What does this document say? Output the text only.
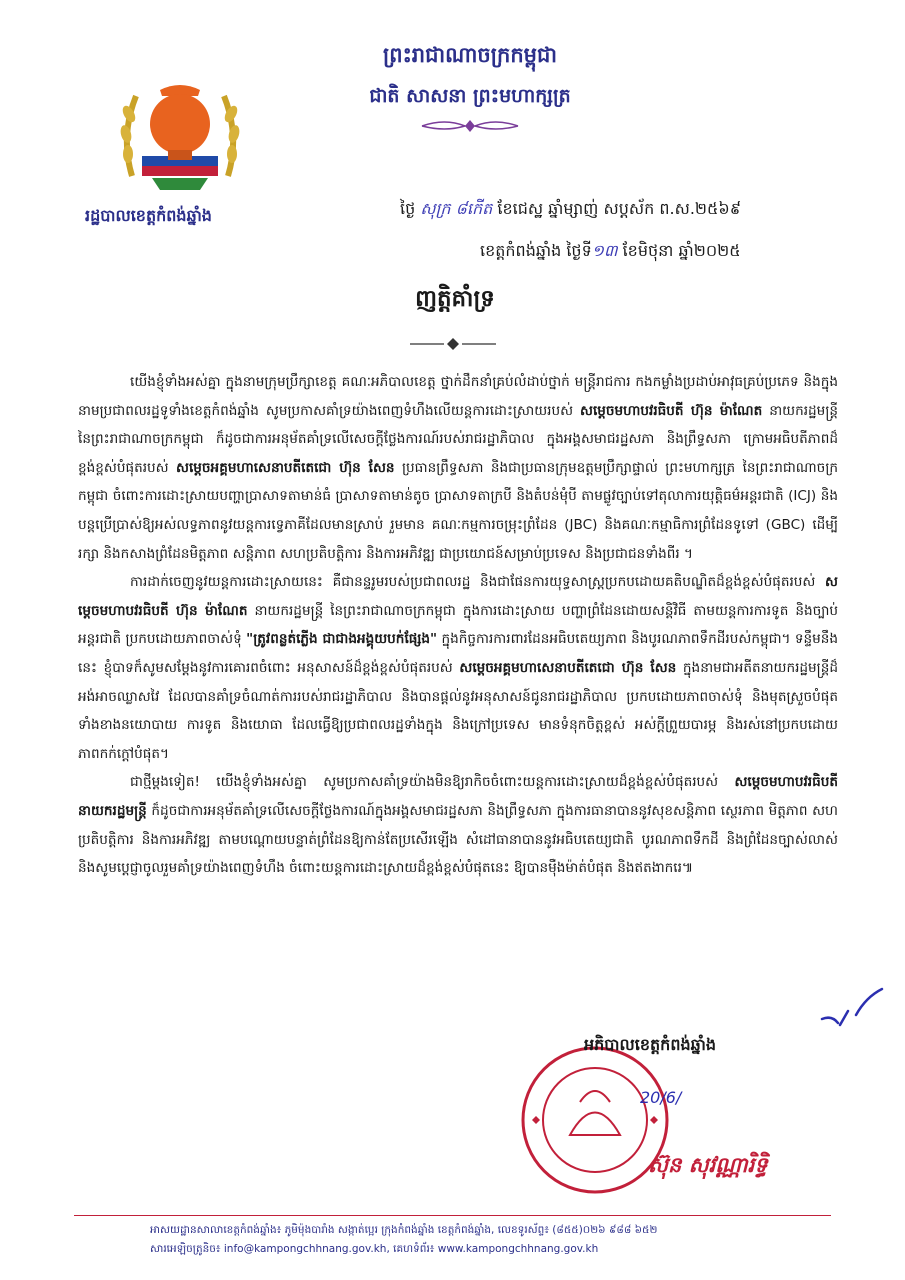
ព្រះរាជាណាចក្រកម្ពុជា
ជាតិ សាសនា ព្រះមហាក្សត្រ
រដ្ឋបាលខេត្តកំពង់ឆ្នាំង	ថ្ងៃ សុក្រ ៨កើត ខែជេស្ឋ ឆ្នាំម្សាញ់ សប្តស័ក ព.ស.២៥៦៩
ខេត្តកំពង់ឆ្នាំង ថ្ងៃទី១៣ ខែមិថុនា ឆ្នាំ២០២៥
ញត្តិគាំទ្រ

យើងខ្ញុំទាំងអស់គ្នា ក្នុងនាមក្រុមប្រឹក្សាខេត្ត គណៈអភិបាលខេត្ត ថ្នាក់ដឹកនាំគ្រប់លំដាប់ថ្នាក់ មន្ត្រីរាជការ កងកម្លាំងប្រដាប់អាវុធគ្រប់ប្រភេទ និងក្នុងនាមប្រជាពលរដ្ឋទូទាំងខេត្តកំពង់ឆ្នាំង សូមប្រកាសគាំទ្រយ៉ាងពេញទំហឹងលើយន្តការដោះស្រាយរបស់ សម្តេចមហាបវរធិបតី ហ៊ុន ម៉ាណែត នាយករដ្ឋមន្ត្រី នៃព្រះរាជាណាចក្រកម្ពុជា ក៏ដូចជាការអនុម័តគាំទ្រលើសេចក្តីថ្លែងការណ៍របស់រាជរដ្ឋាភិបាល ក្នុងអង្គសមាជរដ្ឋសភា និងព្រឹទ្ធសភា ក្រោមអធិបតីភាពដ៏ខ្ពង់ខ្ពស់បំផុតរបស់ សម្តេចអគ្គមហាសេនាបតីតេជោ ហ៊ុន សែន ប្រធានព្រឹទ្ធសភា និងជាប្រធានក្រុមឧត្តមប្រឹក្សាផ្ទាល់ ព្រះមហាក្សត្រ នៃព្រះរាជាណាចក្រកម្ពុជា ចំពោះការដោះស្រាយបញ្ហាប្រាសាទតាមាន់ធំ ប្រាសាទតាមាន់តូច ប្រាសាទតាក្របី និងតំបន់មុំបី តាមផ្លូវច្បាប់ទៅតុលាការយុត្តិធម៌អន្តរជាតិ (ICJ) និងបន្តប្រើប្រាស់ឱ្យអស់លទ្ធភាពនូវយន្តការទ្វេភាគីដែលមានស្រាប់ រួមមាន គណៈកម្មការចម្រុះព្រំដែន (JBC) និងគណៈកម្មាធិការព្រំដែនទូទៅ (GBC) ដើម្បីរក្សា និងកសាងព្រំដែនមិត្តភាព សន្តិភាព សហប្រតិបត្តិការ និងការអភិវឌ្ឍ ជាប្រយោជន៍សម្រាប់ប្រទេស និងប្រជាជនទាំងពីរ ។

ការដាក់ចេញនូវយន្តការដោះស្រាយនេះ គឺជានន្ទរូមរបស់ប្រជាពលរដ្ឋ និងជាផែនការយុទ្ធសាស្ត្រប្រកបដោយគតិបណ្ឌិតដ៏ខ្ពង់ខ្ពស់បំផុតរបស់ សម្តេចមហាបវរធិបតី ហ៊ុន ម៉ាណែត នាយករដ្ឋមន្ត្រី នៃព្រះរាជាណាចក្រកម្ពុជា ក្នុងការដោះស្រាយ បញ្ហាព្រំដែនដោយសន្តិវិធី តាមយន្តការការទូត និងច្បាប់អន្តរជាតិ ប្រកបដោយភាពចាស់ទុំ "ត្រូវពន្លត់ភ្លើង ជាជាងអង្គុយបក់ផ្សែង" ក្នុងកិច្ចការការពារដែនអធិបតេយ្យភាព និងបូរណភាពទឹកដីរបស់កម្ពុជា។ ទន្ទឹមនឹងនេះ ខ្ញុំបាទក៏សូមសម្តែងនូវការគោរពចំពោះ អនុសាសន៍ដ៏ខ្ពង់ខ្ពស់បំផុតរបស់ សម្តេចអគ្គមហាសេនាបតីតេជោ ហ៊ុន សែន ក្នុងនាមជាអតីតនាយករដ្ឋមន្ត្រីដ៏អង់អាចឈ្លាសវៃ ដែលបានគាំទ្រចំណាត់ការរបស់រាជរដ្ឋាភិបាល និងបានផ្តល់នូវអនុសាសន៍ជូនរាជរដ្ឋាភិបាល ប្រកបដោយភាពចាស់ទុំ និងមុតស្រួចបំផុត ទាំងខាងនយោបាយ ការទូត និងយោធា ដែលធ្វើឱ្យប្រជាពលរដ្ឋទាំងក្នុង និងក្រៅប្រទេស មានទំនុកចិត្តខ្ពស់ អស់ក្តីព្រួយបារម្ភ និងរស់នៅប្រកបដោយភាពកក់ក្តៅបំផុត។

ជាថ្មីម្តងទៀត! យើងខ្ញុំទាំងអស់គ្នា សូមប្រកាសគាំទ្រយ៉ាងមិនឱ្យរាកិចចំពោះយន្តការដោះស្រាយដ៏ខ្ពង់ខ្ពស់បំផុតរបស់ សម្តេចមហាបវរធិបតី នាយករដ្ឋមន្ត្រី ក៏ដូចជាការអនុម័តគាំទ្រលើសេចក្តីថ្លែងការណ៍ក្នុងអង្គសមាជរដ្ឋសភា និងព្រឹទ្ធសភា ក្នុងការធានាបាននូវសុខសន្តិភាព ស្ថេរភាព មិត្តភាព សហប្រតិបត្តិការ និងការអភិវឌ្ឍ តាមបណ្តោយបន្ទាត់ព្រំដែនឱ្យកាន់តែប្រសើរឡើង សំដៅធានាបាននូវអធិបតេយ្យជាតិ បូរណភាពទឹកដី និងព្រំដែនច្បាស់លាស់ និងសូមប្តេជ្ញាចូលរួមគាំទ្រយ៉ាងពេញទំហឹង ចំពោះយន្តការដោះស្រាយដ៏ខ្ពង់ខ្ពស់បំផុតនេះ ឱ្យបានម៉ឺងម៉ាត់បំផុត និងឥតងាករេ៕

អភិបាលខេត្តកំពង់ឆ្នាំង
20/6/
ស៊ុន សុវណ្ណារិទ្ធិ
អាសយដ្ឋានសាលាខេត្តកំពង់ឆ្នាំង៖ ភូមិម៉ុងបារាំង សង្កាត់ប្អេរ ក្រុងកំពង់ឆ្នាំង ខេត្តកំពង់ឆ្នាំង, លេខទូរស័ព្ទ៖ (៨៥៥)០២៦ ៩៨៨ ៦៥២
សារអេឡិចត្រូនិច៖ info@kampongchhnang.gov.kh, គេហទំព័រ៖ www.kampongchhnang.gov.kh
